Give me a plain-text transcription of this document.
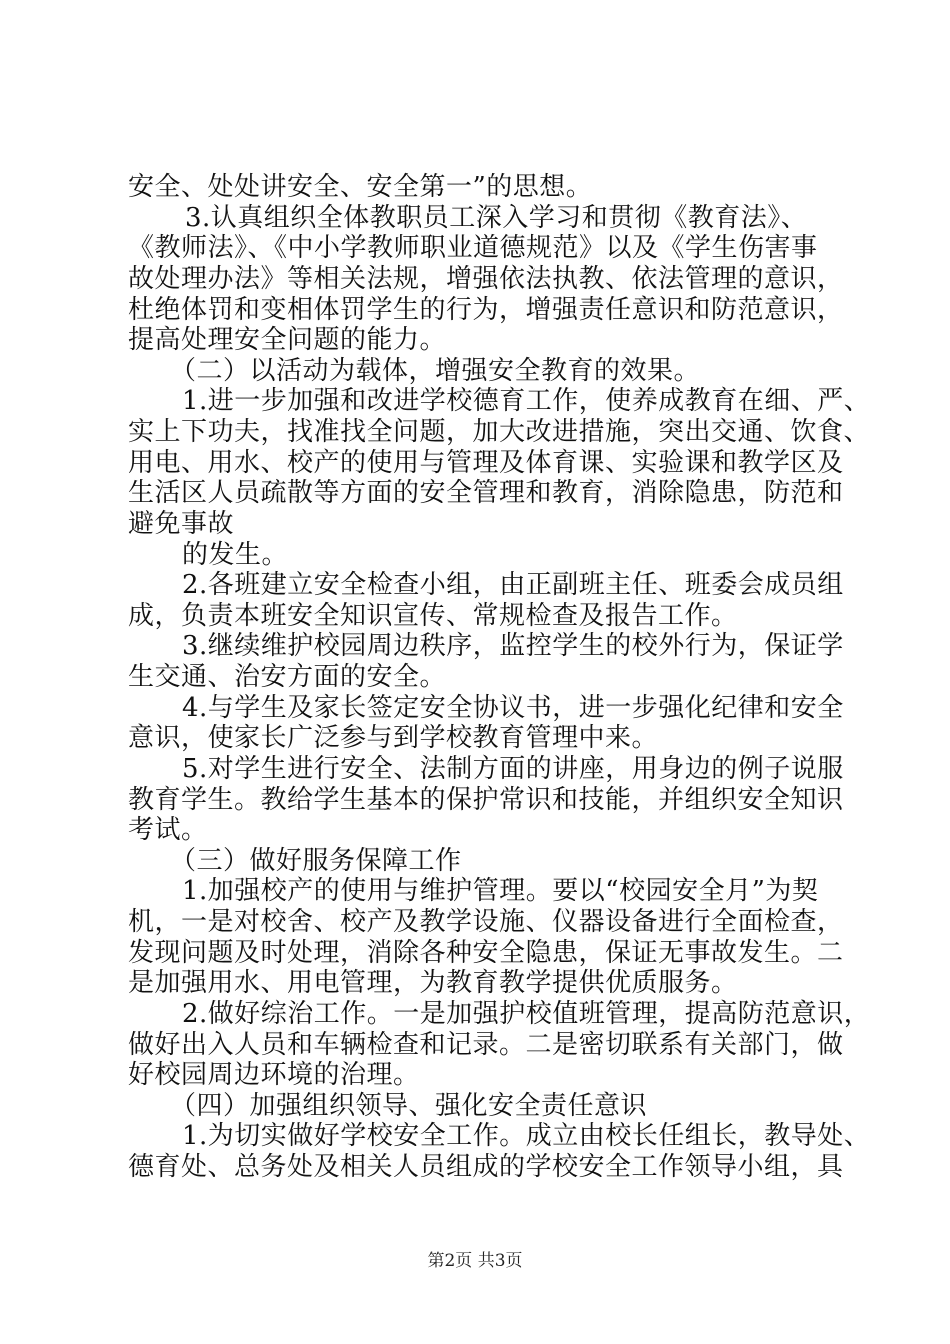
安全、处处讲安全、安全第一”的思想。
3.认真组织全体教职员工深入学习和贯彻《教育法》、
《教师法》、《中小学教师职业道德规范》以及《学生伤害事
故处理办法》等相关法规，增强依法执教、依法管理的意识，
杜绝体罚和变相体罚学生的行为，增强责任意识和防范意识，
提高处理安全问题的能力。
（二）以活动为载体，增强安全教育的效果。
1.进一步加强和改进学校德育工作，使养成教育在细、严、
实上下功夫，找准找全问题，加大改进措施，突出交通、饮食、
用电、用水、校产的使用与管理及体育课、实验课和教学区及
生活区人员疏散等方面的安全管理和教育，消除隐患，防范和
避免事故
的发生。
2.各班建立安全检查小组，由正副班主任、班委会成员组
成，负责本班安全知识宣传、常规检查及报告工作。
3.继续维护校园周边秩序，监控学生的校外行为，保证学
生交通、治安方面的安全。
4.与学生及家长签定安全协议书，进一步强化纪律和安全
意识，使家长广泛参与到学校教育管理中来。
5.对学生进行安全、法制方面的讲座，用身边的例子说服
教育学生。教给学生基本的保护常识和技能，并组织安全知识
考试。
（三）做好服务保障工作
1.加强校产的使用与维护管理。要以“校园安全月”为契
机，一是对校舍、校产及教学设施、仪器设备进行全面检查，
发现问题及时处理，消除各种安全隐患，保证无事故发生。二
是加强用水、用电管理，为教育教学提供优质服务。
2.做好综治工作。一是加强护校值班管理，提高防范意识，
做好出入人员和车辆检查和记录。二是密切联系有关部门，做
好校园周边环境的治理。
（四）加强组织领导、强化安全责任意识
1.为切实做好学校安全工作。成立由校长任组长，教导处、
德育处、总务处及相关人员组成的学校安全工作领导小组，具
第2页 共3页
